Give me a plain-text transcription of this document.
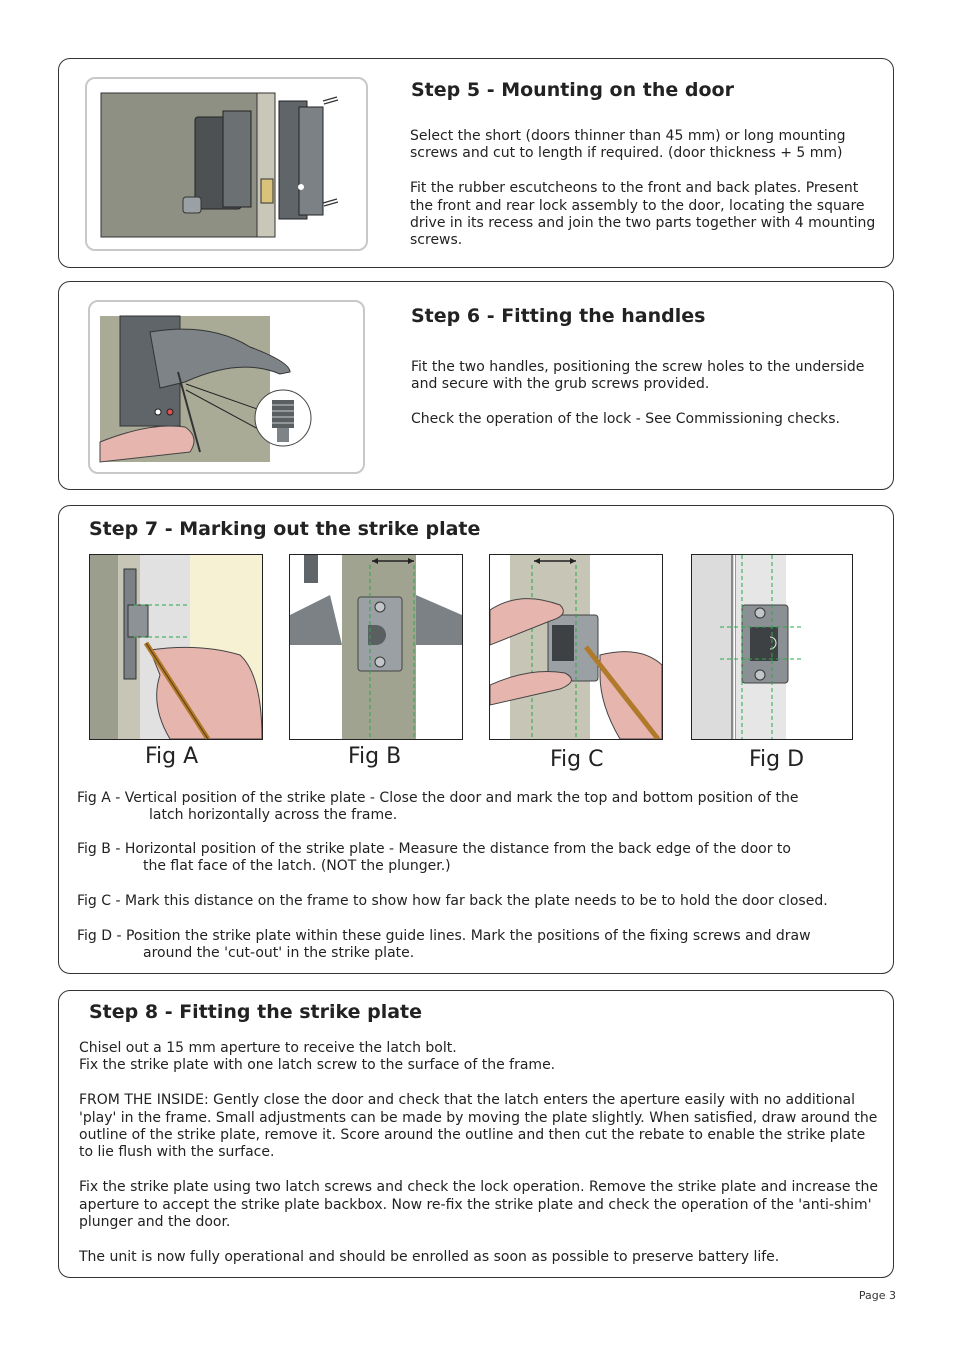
Step 5 - Mounting on the door

Select the short (doors thinner than 45 mm) or long mounting screws and cut to length if required. (door thickness + 5 mm)

Fit the rubber escutcheons to the front and back plates. Present the front and rear lock assembly to the door, locating the square drive in its recess and join the two parts together with 4 mounting screws.

Step 6 - Fitting the handles

Fit the two handles, positioning the screw holes to the underside and secure with the grub screws provided.

Check the operation of the lock - See Commissioning checks.

Step 7 - Marking out the strike plate
Fig A	Fig B	Fig C	Fig D
Fig A - Vertical position of the strike plate - Close the door and mark the top and bottom position of the
latch horizontally across the frame.
Fig B - Horizontal position of the strike plate - Measure the distance from the back edge of the door to
the flat face of the latch. (NOT the plunger.)
Fig C - Mark this distance on the frame to show how far back the plate needs to be to hold the door closed.
Fig D - Position the strike plate within these guide lines. Mark the positions of the fixing screws and draw
around the 'cut-out' in the strike plate.
Step 8 - Fitting the strike plate
Chisel out a 15 mm aperture to receive the latch bolt.

Fix the strike plate with one latch screw to the surface of the frame.

FROM THE INSIDE: Gently close the door and check that the latch enters the aperture easily with no additional 'play' in the frame. Small adjustments can be made by moving the plate slightly. When satisfied, draw around the outline of the strike plate, remove it. Score around the outline and then cut the rebate to enable the strike plate to lie flush with the surface.

Fix the strike plate using two latch screws and check the lock operation. Remove the strike plate and increase the aperture to accept the strike plate backbox. Now re-fix the strike plate and check the operation of the 'anti-shim' plunger and the door.

The unit is now fully operational and should be enrolled as soon as possible to preserve battery life.

Page 3
